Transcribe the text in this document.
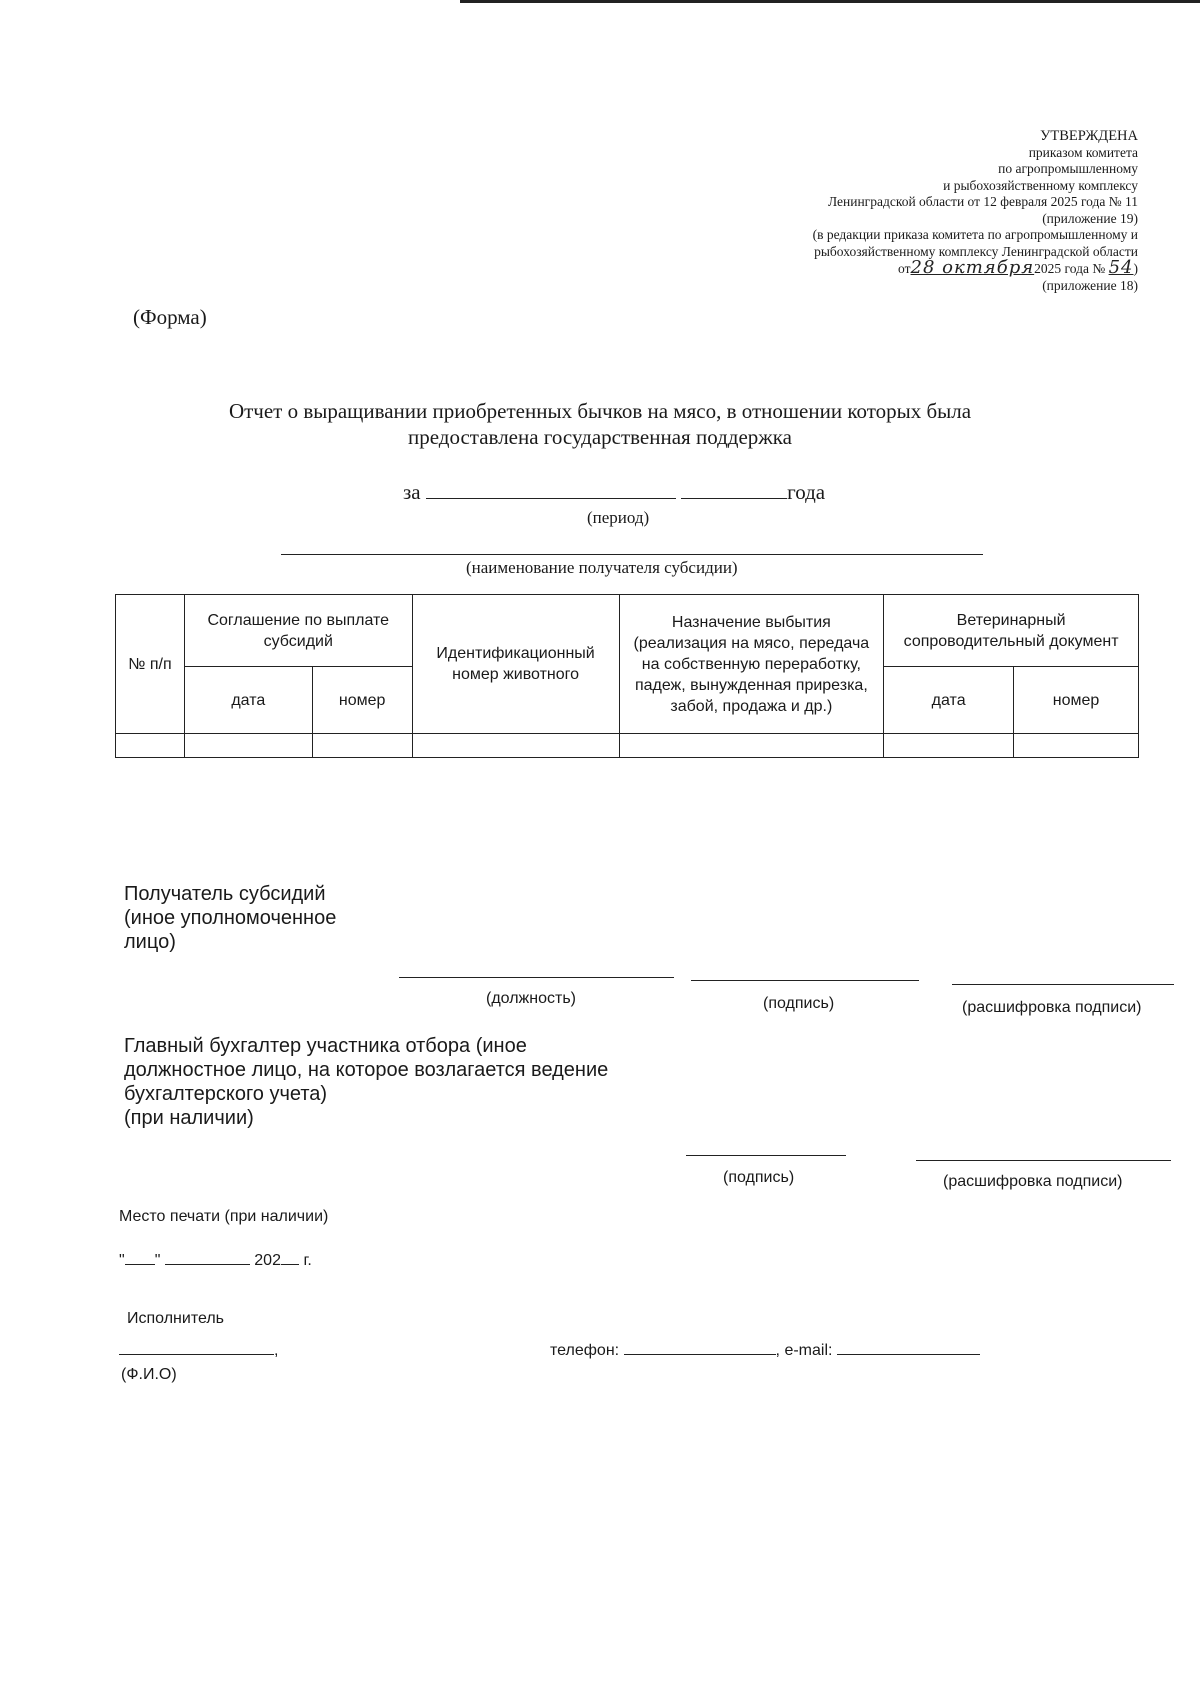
УТВЕРЖДЕНА
приказом комитета
по агропромышленному
и рыбохозяйственному комплексу
Ленинградской области от 12 февраля 2025 года № 11
(приложение 19)
(в редакции приказа комитета по агропромышленному и
рыбохозяйственному комплексу Ленинградской области
от28 октября2025 года № 54)
(приложение 18)
(Форма)
Отчет о выращивании приобретенных бычков на мясо, в отношении которых была
предоставлена государственная поддержка
за	года
(период)
(наименование получателя субсидии)
№ п/п	Соглашение по выплате субсидий		Идентификационный номер животного	Назначение выбытия (реализация на мясо, передача на собственную переработку, падеж, вынужденная прирезка, забой, продажа и др.)	Ветеринарный сопроводительный документ	
	дата	номер			дата	номер

Получатель субсидий
(иное уполномоченное
лицо)
(должность)	(подпись)	(расшифровка подписи)
Главный бухгалтер участника отбора (иное
должностное лицо, на которое возлагается ведение
бухгалтерского учета)
(при наличии)
(подпись)	(расшифровка подписи)
Место печати (при наличии)
" "	202 г.
Исполнитель
,
(Ф.И.О)
телефон:	, e-mail:
